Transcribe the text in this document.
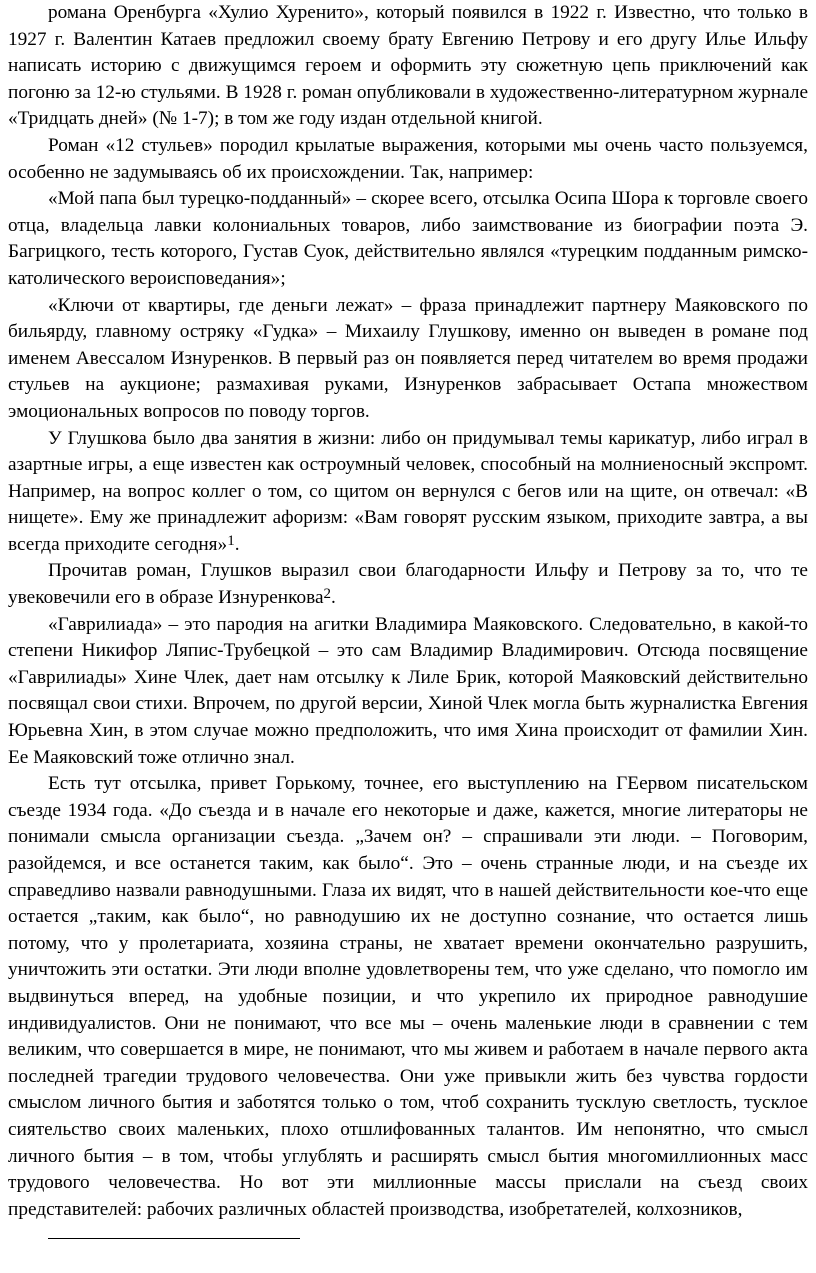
романа Оренбурга «Хулио Хуренито», который появился в 1922 г. Известно, что только в 1927 г. Валентин Катаев предложил своему брату Евгению Петрову и его другу Илье Ильфу написать историю с движущимся героем и оформить эту сюжетную цепь приключений как погоню за 12-ю стульями. В 1928 г. роман опубликовали в художественно-литературном журнале «Тридцать дней» (№ 1-7); в том же году издан отдельной книгой.

Роман «12 стульев» породил крылатые выражения, которыми мы очень часто пользуемся, особенно не задумываясь об их происхождении. Так, например:

«Мой папа был турецко-подданный» – скорее всего, отсылка Осипа Шора к торговле своего отца, владельца лавки колониальных товаров, либо заимствование из биографии поэта Э. Багрицкого, тесть которого, Густав Суок, действительно являлся «турецким подданным римско-католического вероисповедания»;

«Ключи от квартиры, где деньги лежат» – фраза принадлежит партнеру Маяковского по бильярду, главному остряку «Гудка» – Михаилу Глушкову, именно он выведен в романе под именем Авессалом Изнуренков. В первый раз он появляется перед читателем во время продажи стульев на аукционе; размахивая руками, Изнуренков забрасывает Остапа множеством эмоциональных вопросов по поводу торгов.

У Глушкова было два занятия в жизни: либо он придумывал темы карикатур, либо играл в азартные игры, а еще известен как остроумный человек, способный на молниеносный экспромт. Например, на вопрос коллег о том, со щитом он вернулся с бегов или на щите, он отвечал: «В нищете». Ему же принадлежит афоризм: «Вам говорят русским языком, приходите завтра, а вы всегда приходите сегодня»$^1$.

Прочитав роман, Глушков выразил свои благодарности Ильфу и Петрову за то, что те увековечили его в образе Изнуренкова$^2$.

«Гаврилиада» – это пародия на агитки Владимира Маяковского. Следовательно, в какой-то степени Никифор Ляпис-Трубецкой – это сам Владимир Владимирович. Отсюда посвящение «Гаврилиады» Хине Члек, дает нам отсылку к Лиле Брик, которой Маяковский действительно посвящал свои стихи. Впрочем, по другой версии, Хиной Члек могла быть журналистка Евгения Юрьевна Хин, в этом случае можно предположить, что имя Хина происходит от фамилии Хин. Ее Маяковский тоже отлично знал.

Есть тут отсылка, привет Горькому, точнее, его выступлению на ГЕервом писательском съезде 1934 года. «До съезда и в начале его некоторые и даже, кажется, многие литераторы не понимали смысла организации съезда. „Зачем он? – спрашивали эти люди. – Поговорим, разойдемся, и все останется таким, как было“. Это – очень странные люди, и на съезде их справедливо назвали равнодушными. Глаза их видят, что в нашей действительности кое-что еще остается „таким, как было“, но равнодушию их не доступно сознание, что остается лишь потому, что у пролетариата, хозяина страны, не хватает времени окончательно разрушить, уничтожить эти остатки. Эти люди вполне удовлетворены тем, что уже сделано, что помогло им выдвинуться вперед, на удобные позиции, и что укрепило их природное равнодушие индивидуалистов. Они не понимают, что все мы – очень маленькие люди в сравнении с тем великим, что совершается в мире, не понимают, что мы живем и работаем в начале первого акта последней трагедии трудового человечества. Они уже привыкли жить без чувства гордости смыслом личного бытия и заботятся только о том, чтоб сохранить тусклую светлость, тусклое сиятельство своих маленьких, плохо отшлифованных талантов. Им непонятно, что смысл личного бытия – в том, чтобы углублять и расширять смысл бытия многомиллионных масс трудового человечества. Но вот эти миллионные массы прислали на съезд своих представителей: рабочих различных областей производства, изобретателей, колхозников,
